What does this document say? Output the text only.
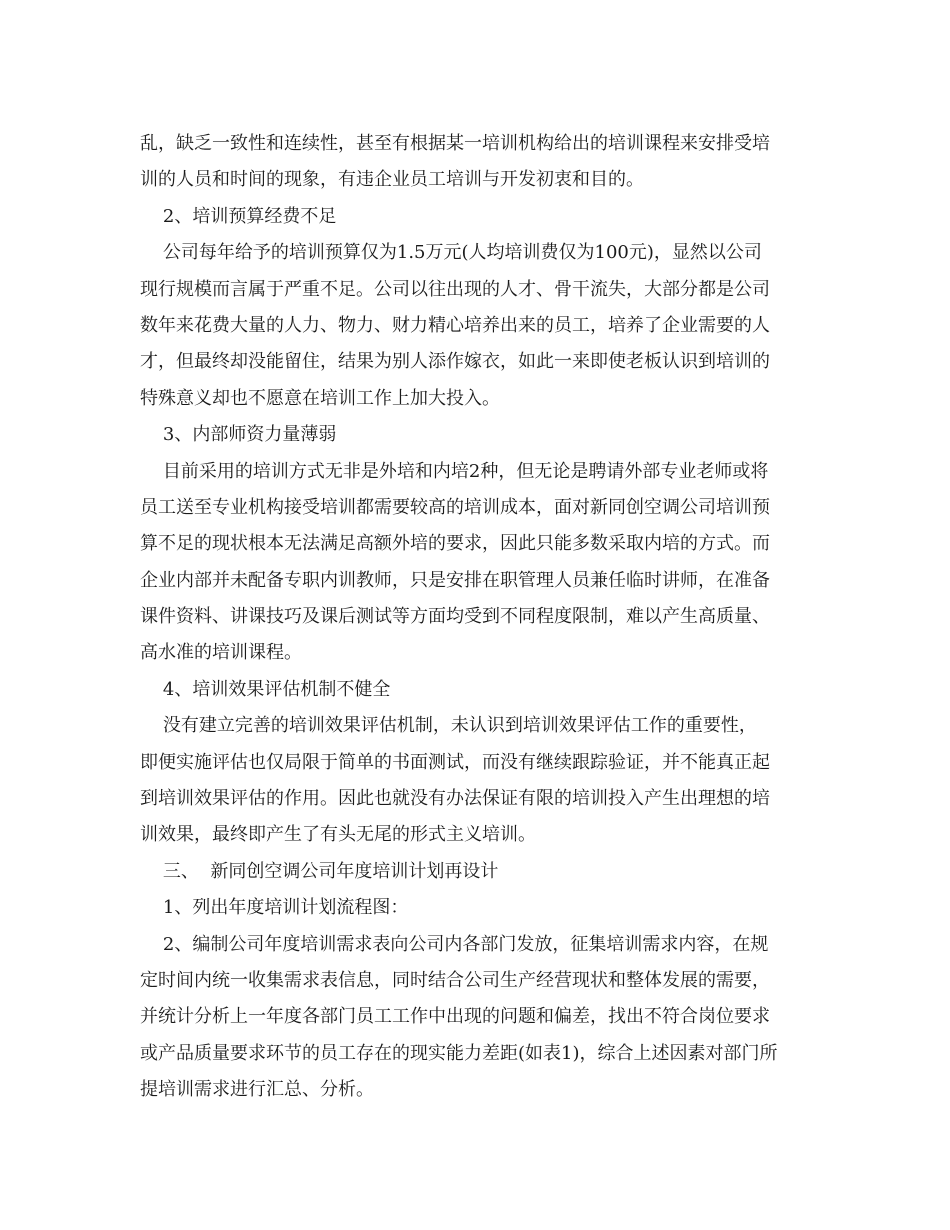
乱，缺乏一致性和连续性，甚至有根据某一培训机构给出的培训课程来安排受培
训的人员和时间的现象，有违企业员工培训与开发初衷和目的。
2、培训预算经费不足
公司每年给予的培训预算仅为1.5万元(人均培训费仅为100元)，显然以公司
现行规模而言属于严重不足。公司以往出现的人才、骨干流失，大部分都是公司
数年来花费大量的人力、物力、财力精心培养出来的员工，培养了企业需要的人
才，但最终却没能留住，结果为别人添作嫁衣，如此一来即使老板认识到培训的
特殊意义却也不愿意在培训工作上加大投入。
3、内部师资力量薄弱
目前采用的培训方式无非是外培和内培2种，但无论是聘请外部专业老师或将
员工送至专业机构接受培训都需要较高的培训成本，面对新同创空调公司培训预
算不足的现状根本无法满足高额外培的要求，因此只能多数采取内培的方式。而
企业内部并未配备专职内训教师，只是安排在职管理人员兼任临时讲师，在准备
课件资料、讲课技巧及课后测试等方面均受到不同程度限制，难以产生高质量、
高水准的培训课程。
4、培训效果评估机制不健全
没有建立完善的培训效果评估机制，未认识到培训效果评估工作的重要性，
即便实施评估也仅局限于简单的书面测试，而没有继续跟踪验证，并不能真正起
到培训效果评估的作用。因此也就没有办法保证有限的培训投入产生出理想的培
训效果，最终即产生了有头无尾的形式主义培训。
三、  新同创空调公司年度培训计划再设计
1、列出年度培训计划流程图：
2、编制公司年度培训需求表向公司内各部门发放，征集培训需求内容，在规
定时间内统一收集需求表信息，同时结合公司生产经营现状和整体发展的需要，
并统计分析上一年度各部门员工工作中出现的问题和偏差，找出不符合岗位要求
或产品质量要求环节的员工存在的现实能力差距(如表1)，综合上述因素对部门所
提培训需求进行汇总、分析。
